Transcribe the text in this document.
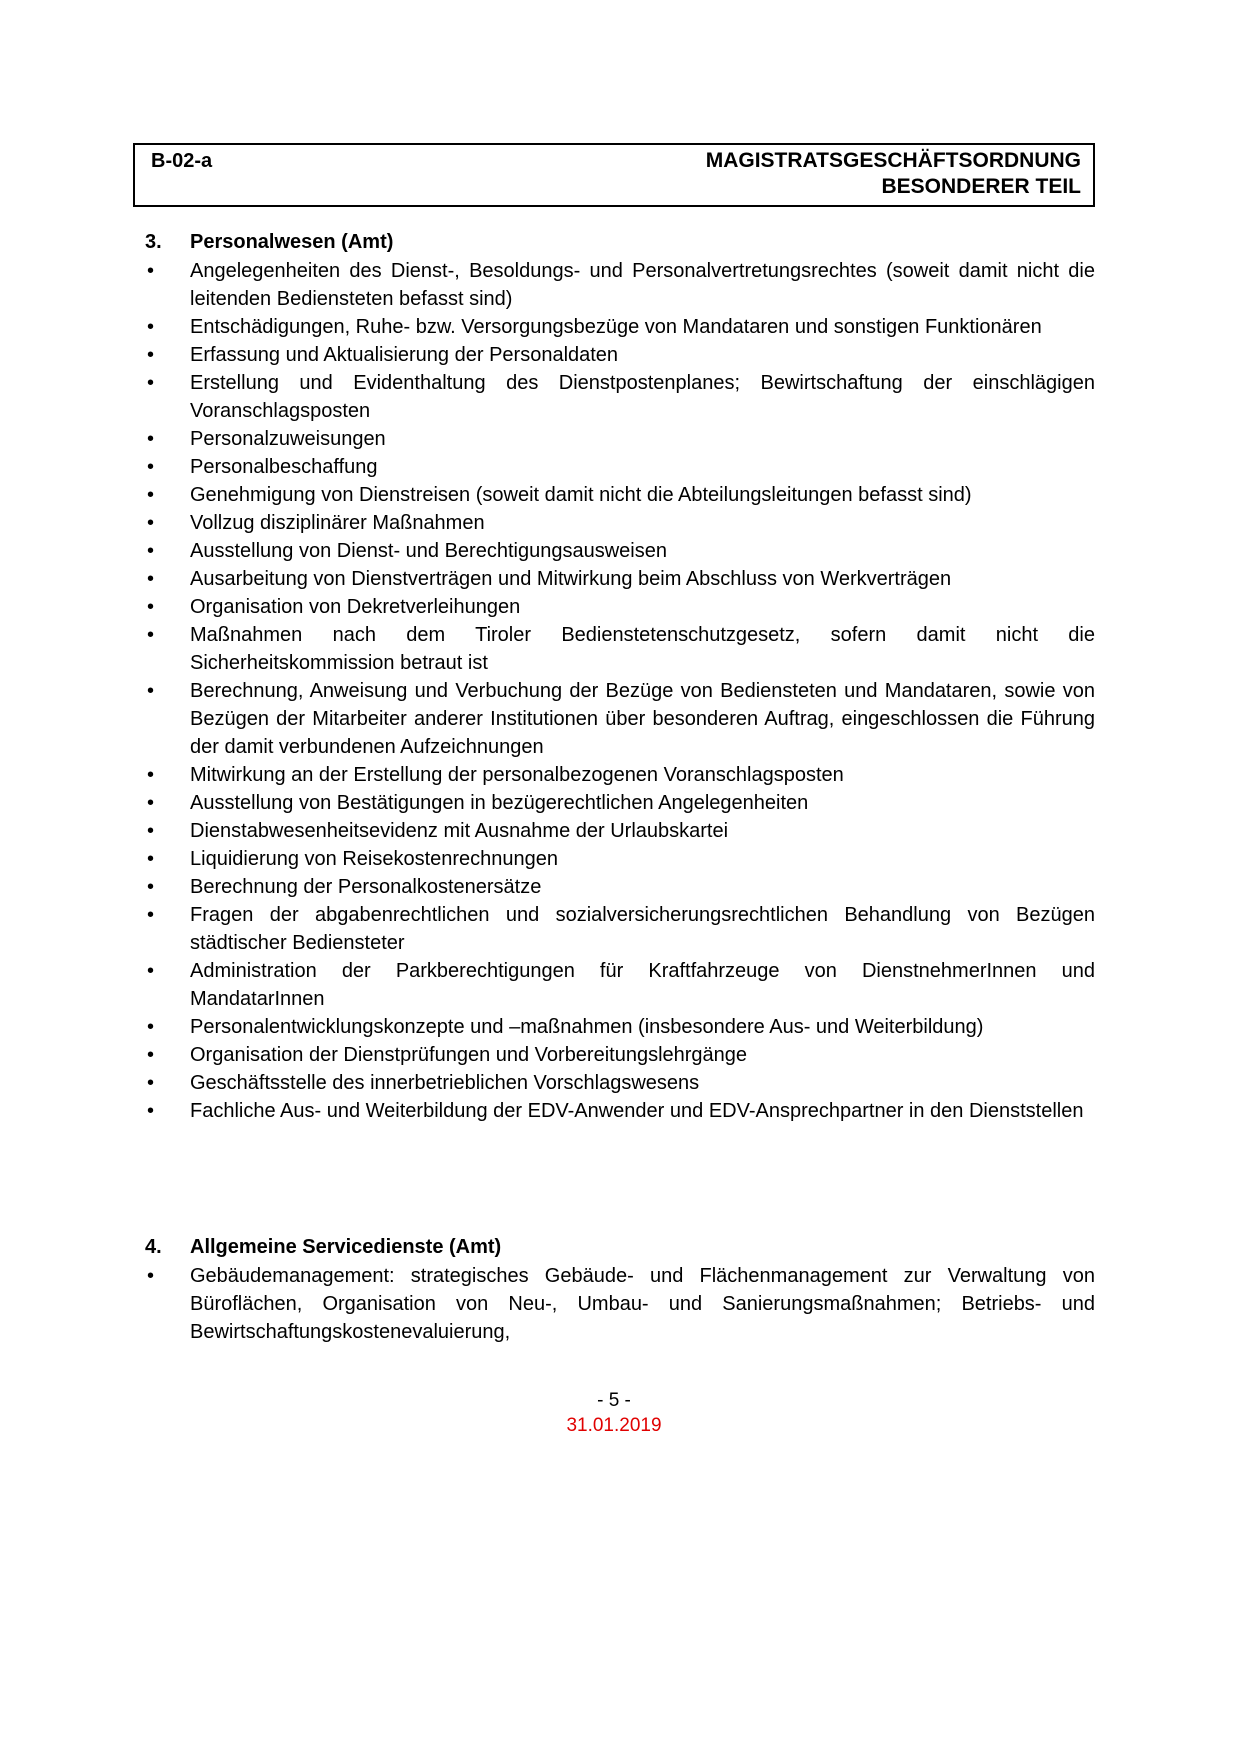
B-02-a	MAGISTRATSGESCHÄFTSORDNUNG
BESONDERER TEIL
3. Personalwesen (Amt)
• Angelegenheiten des Dienst-, Besoldungs- und Personalvertretungsrechtes (soweit damit nicht die leitenden Bediensteten befasst sind)
• Entschädigungen, Ruhe- bzw. Versorgungsbezüge von Mandataren und sonstigen Funktionären
• Erfassung und Aktualisierung der Personaldaten
• Erstellung und Evidenthaltung des Dienstpostenplanes; Bewirtschaftung der einschlägigen Voranschlagsposten
• Personalzuweisungen
• Personalbeschaffung
• Genehmigung von Dienstreisen (soweit damit nicht die Abteilungsleitungen befasst sind)
• Vollzug disziplinärer Maßnahmen
• Ausstellung von Dienst- und Berechtigungsausweisen
• Ausarbeitung von Dienstverträgen und Mitwirkung beim Abschluss von Werkverträgen
• Organisation von Dekretverleihungen
• Maßnahmen nach dem Tiroler Bedienstetenschutzgesetz, sofern damit nicht die Sicherheitskommission betraut ist
• Berechnung, Anweisung und Verbuchung der Bezüge von Bediensteten und Mandataren, sowie von Bezügen der Mitarbeiter anderer Institutionen über besonderen Auftrag, eingeschlossen die Führung der damit verbundenen Aufzeichnungen
• Mitwirkung an der Erstellung der personalbezogenen Voranschlagsposten
• Ausstellung von Bestätigungen in bezügerechtlichen Angelegenheiten
• Dienstabwesenheitsevidenz mit Ausnahme der Urlaubskartei
• Liquidierung von Reisekostenrechnungen
• Berechnung der Personalkostenersätze
• Fragen der abgabenrechtlichen und sozialversicherungsrechtlichen Behandlung von Bezügen städtischer Bediensteter
• Administration der Parkberechtigungen für Kraftfahrzeuge von DienstnehmerInnen und MandatarInnen
• Personalentwicklungskonzepte und –maßnahmen (insbesondere Aus- und Weiterbildung)
• Organisation der Dienstprüfungen und Vorbereitungslehrgänge
• Geschäftsstelle des innerbetrieblichen Vorschlagswesens
• Fachliche Aus- und Weiterbildung der EDV-Anwender und EDV-Ansprechpartner in den Dienststellen
4. Allgemeine Servicedienste (Amt)
• Gebäudemanagement: strategisches Gebäude- und Flächenmanagement zur Verwaltung von Büroflächen, Organisation von Neu-, Umbau- und Sanierungsmaßnahmen; Betriebs- und Bewirtschaftungskostenevaluierung,
- 5 -
31.01.2019
